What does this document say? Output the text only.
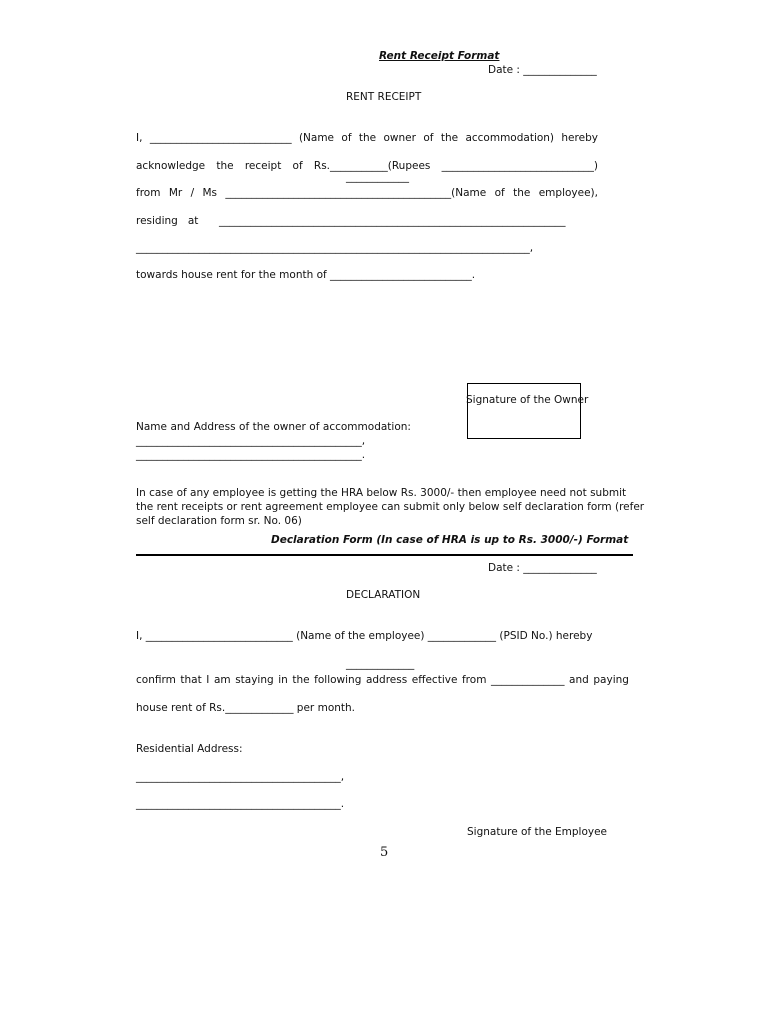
Rent Receipt Format
Date : ______________
RENT RECEIPT
I, ___________________________ (Name of the owner of the accommodation) hereby
acknowledge the receipt of Rs.___________(Rupees _____________________________)
____________
from Mr / Ms ___________________________________________(Name of the employee),
residing   at __________________________________________________________________
___________________________________________________________________________,
towards house rent for the month of ___________________________.
Signature of the Owner
Name and Address of the owner of accommodation:
___________________________________________,
___________________________________________.
In case of any employee is getting the HRA below Rs. 3000/- then employee need not submit the rent receipts or rent agreement employee can submit only below self declaration form (refer self declaration form sr. No. 06)
Declaration Form (In case of HRA is up to Rs. 3000/-) Format
Date : ______________
DECLARATION
I, ____________________________ (Name of the employee) _____________ (PSID No.) hereby
_____________
confirm that I am staying in the following address effective from ______________ and paying
house rent of Rs._____________ per month.
Residential Address:
_______________________________________,
_______________________________________.
Signature of the Employee
5
